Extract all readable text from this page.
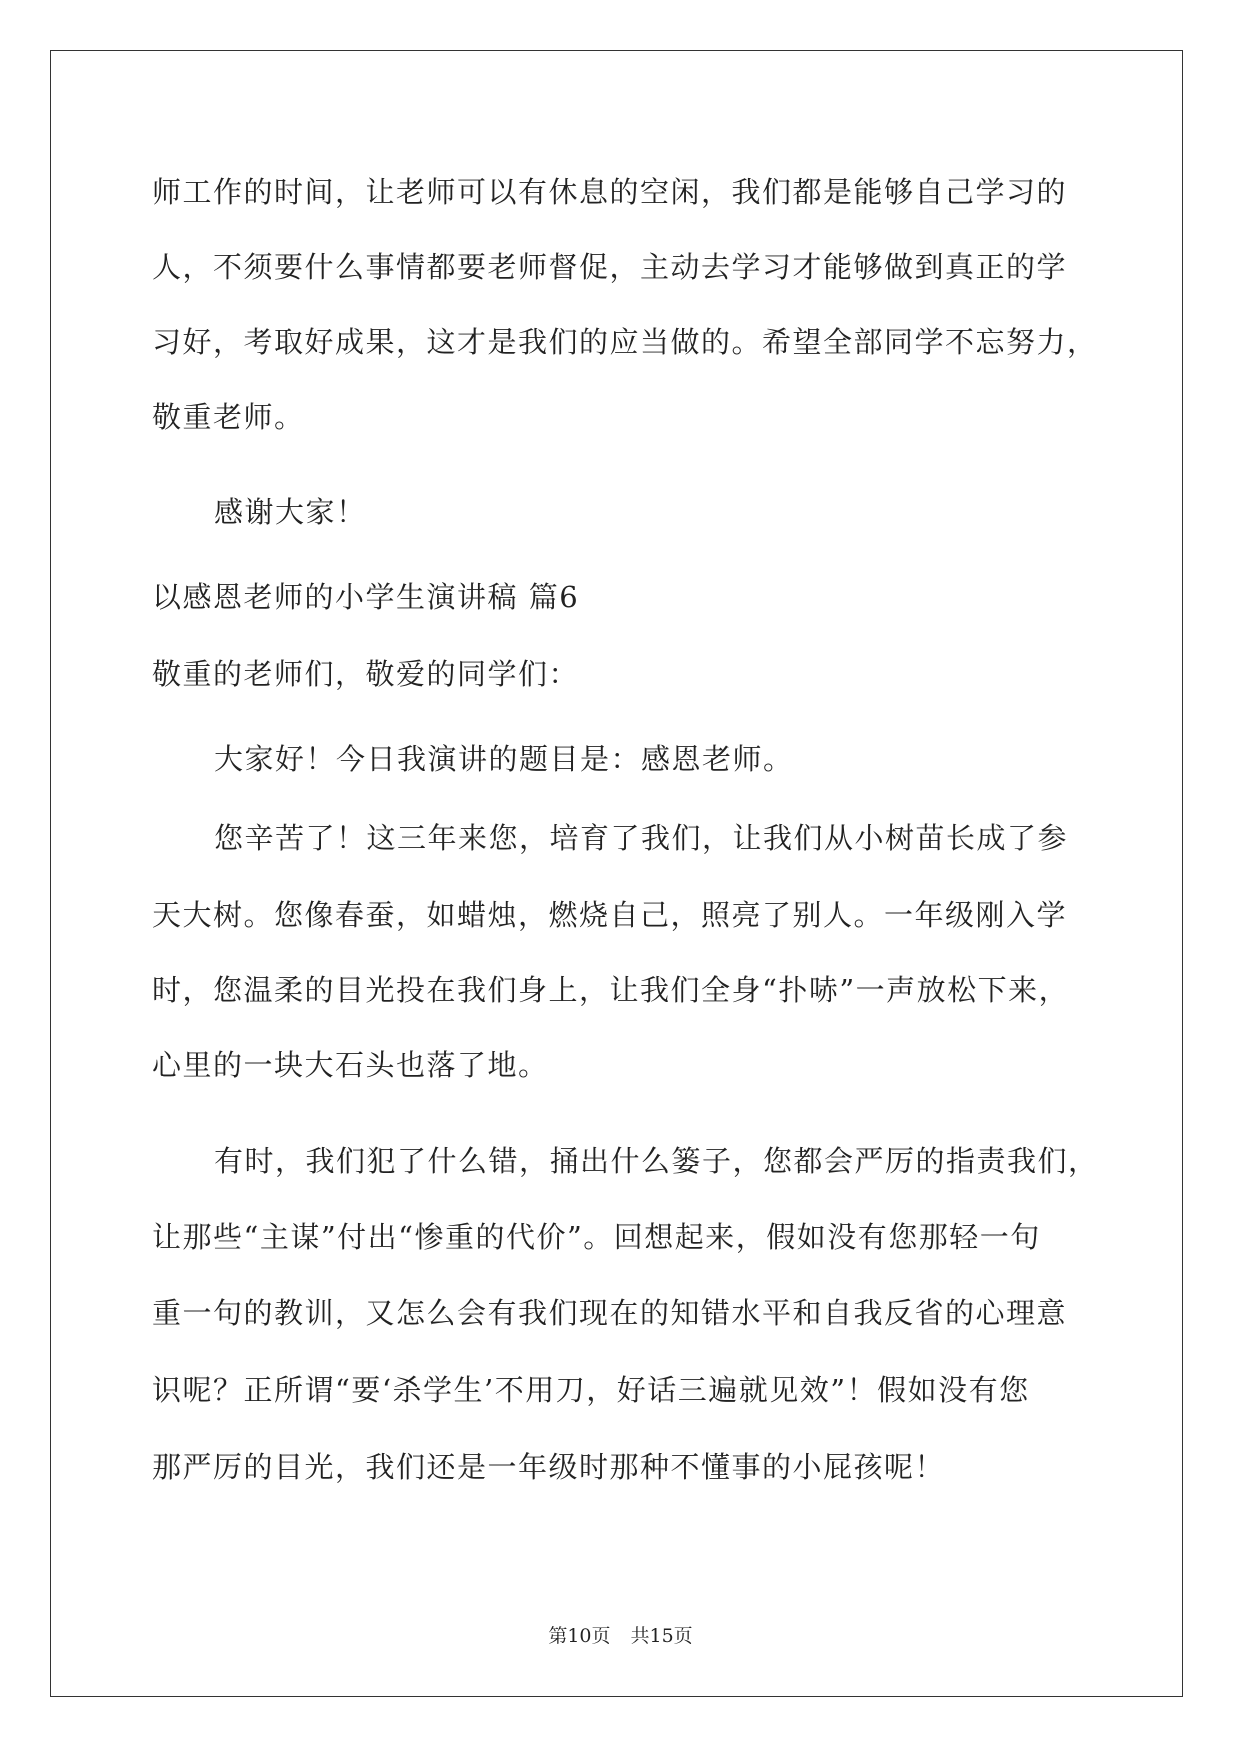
师工作的时间，让老师可以有休息的空闲，我们都是能够自己学习的
人，不须要什么事情都要老师督促，主动去学习才能够做到真正的学
习好，考取好成果，这才是我们的应当做的。希望全部同学不忘努力，
敬重老师。
感谢大家！
以感恩老师的小学生演讲稿 篇6
敬重的老师们，敬爱的同学们：
大家好！今日我演讲的题目是：感恩老师。
您辛苦了！这三年来您，培育了我们，让我们从小树苗长成了参
天大树。您像春蚕，如蜡烛，燃烧自己，照亮了别人。一年级刚入学
时，您温柔的目光投在我们身上，让我们全身“扑哧”一声放松下来，
心里的一块大石头也落了地。
有时，我们犯了什么错，捅出什么篓子，您都会严厉的指责我们，
让那些“主谋”付出“惨重的代价”。回想起来，假如没有您那轻一句
重一句的教训，又怎么会有我们现在的知错水平和自我反省的心理意
识呢？正所谓“要‘杀学生’不用刀，好话三遍就见效”！假如没有您
那严厉的目光，我们还是一年级时那种不懂事的小屁孩呢！
第10页 共15页
